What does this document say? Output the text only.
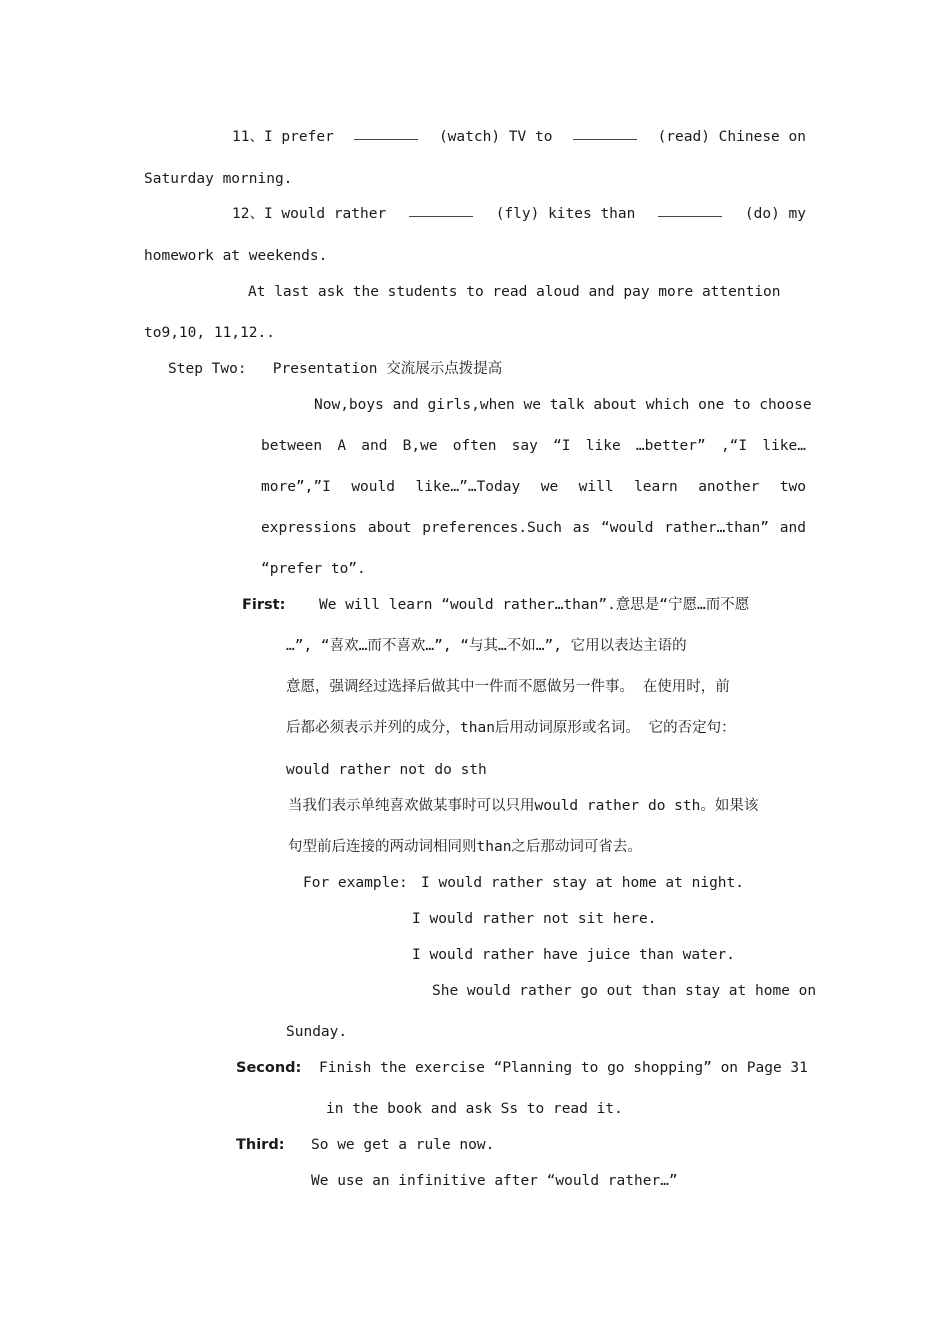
11、I prefer	(watch) TV to	(read) Chinese on
Saturday morning.
12、I would rather	(fly) kites than	(do) my
homework at weekends.
At last ask the students to read aloud and pay more attention
to9,10, 11,12..
Step Two:   Presentation 交流展示点拨提高
Now,boys and girls,when we talk about which one to choose
between A and B,we often say “I like …better” ,“I like…
more”,”I would like…”…Today we will learn another two
expressions about preferences.Such as “would rather…than” and
“prefer to”.
First: We will learn “would rather…than”.意思是“宁愿…而不愿
…”, “喜欢…而不喜欢…”, “与其…不如…”, 它用以表达主语的
意愿，强调经过选择后做其中一件而不愿做另一件事。 在使用时，前
后都必须表示并列的成分，than后用动词原形或名词。 它的否定句：
would rather not do sth
当我们表示单纯喜欢做某事时可以只用would rather do sth。如果该
句型前后连接的两动词相同则than之后那动词可省去。
For example: I would rather stay at home at night.
I would rather not sit here.
I would rather have juice than water.
She would rather go out than stay at home on
Sunday.
Second: Finish the exercise “Planning to go shopping” on Page 31
in the book and ask Ss to read it.
Third: So we get a rule now.
We use an infinitive after “would rather…”
